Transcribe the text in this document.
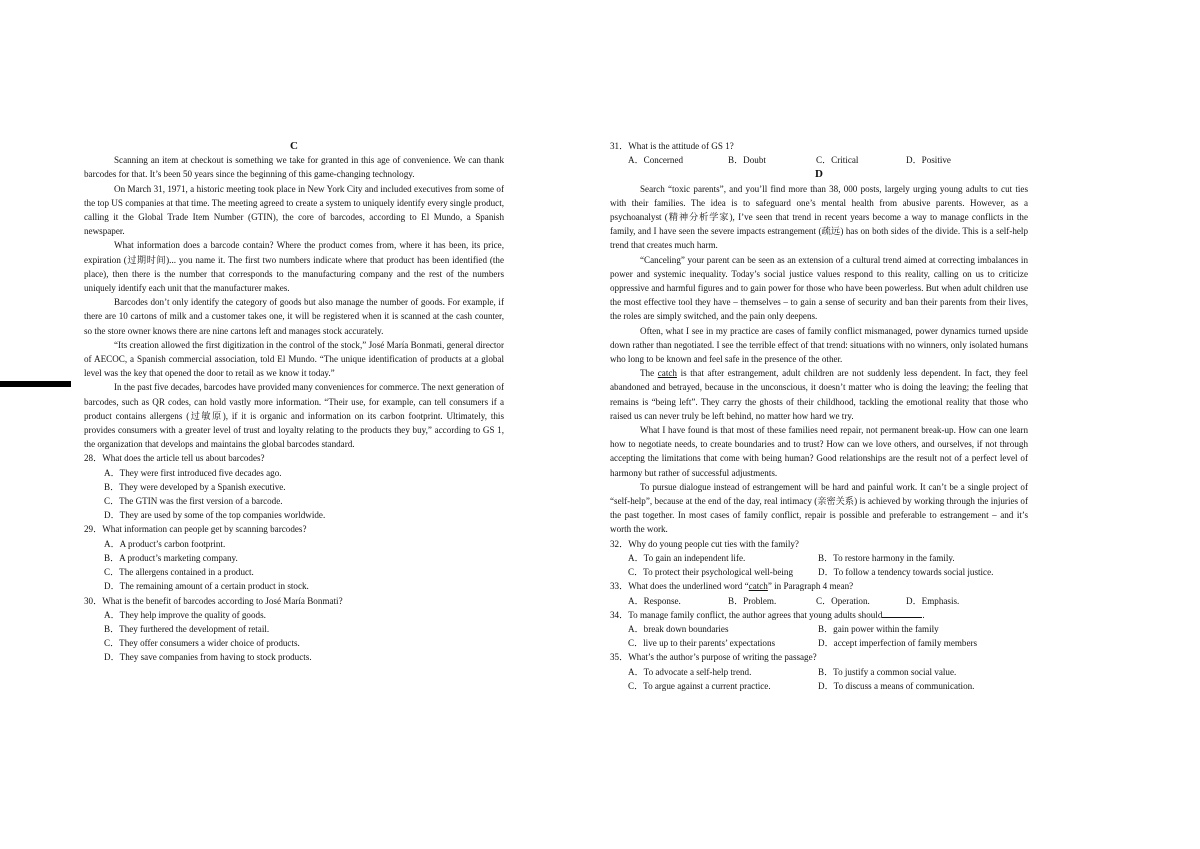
C

Scanning an item at checkout is something we take for granted in this age of convenience. We can thank barcodes for that. It’s been 50 years since the beginning of this game-changing technology.

On March 31, 1971, a historic meeting took place in New York City and included executives from some of the top US companies at that time. The meeting agreed to create a system to uniquely identify every single product, calling it the Global Trade Item Number (GTIN), the core of barcodes, according to El Mundo, a Spanish newspaper.

What information does a barcode contain? Where the product comes from, where it has been, its price, expiration (过期时间)... you name it. The first two numbers indicate where that product has been identified (the place), then there is the number that corresponds to the manufacturing company and the rest of the numbers uniquely identify each unit that the manufacturer makes.

Barcodes don’t only identify the category of goods but also manage the number of goods. For example, if there are 10 cartons of milk and a customer takes one, it will be registered when it is scanned at the cash counter, so the store owner knows there are nine cartons left and manages stock accurately.

“Its creation allowed the first digitization in the control of the stock,” José María Bonmati, general director of AECOC, a Spanish commercial association, told El Mundo. “The unique identification of products at a global level was the key that opened the door to retail as we know it today.”

In the past five decades, barcodes have provided many conveniences for commerce. The next generation of barcodes, such as QR codes, can hold vastly more information. “Their use, for example, can tell consumers if a product contains allergens (过敏原), if it is organic and information on its carbon footprint. Ultimately, this provides consumers with a greater level of trust and loyalty relating to the products they buy,” according to GS 1, the organization that develops and maintains the global barcodes standard.

28．What does the article tell us about barcodes?

A．They were first introduced five decades ago.

B．They were developed by a Spanish executive.

C．The GTIN was the first version of a barcode.

D．They are used by some of the top companies worldwide.

29．What information can people get by scanning barcodes?

A．A product’s carbon footprint.

B．A product’s marketing company.

C．The allergens contained in a product.

D．The remaining amount of a certain product in stock.

30．What is the benefit of barcodes according to José María Bonmati?

A．They help improve the quality of goods.

B．They furthered the development of retail.

C．They offer consumers a wider choice of products.

D．They save companies from having to stock products.

31．What is the attitude of GS 1?

A．Concerned	B．Doubt	C．Critical	D．Positive

D

Search “toxic parents”, and you’ll find more than 38, 000 posts, largely urging young adults to cut ties with their families. The idea is to safeguard one’s mental health from abusive parents. However, as a psychoanalyst (精神分析学家), I’ve seen that trend in recent years become a way to manage conflicts in the family, and I have seen the severe impacts estrangement (疏远) has on both sides of the divide. This is a self-help trend that creates much harm.

“Canceling” your parent can be seen as an extension of a cultural trend aimed at correcting imbalances in power and systemic inequality. Today’s social justice values respond to this reality, calling on us to criticize oppressive and harmful figures and to gain power for those who have been powerless. But when adult children use the most effective tool they have – themselves – to gain a sense of security and ban their parents from their lives, the roles are simply switched, and the pain only deepens.

Often, what I see in my practice are cases of family conflict mismanaged, power dynamics turned upside down rather than negotiated. I see the terrible effect of that trend: situations with no winners, only isolated humans who long to be known and feel safe in the presence of the other.

The catch is that after estrangement, adult children are not suddenly less dependent. In fact, they feel abandoned and betrayed, because in the unconscious, it doesn’t matter who is doing the leaving; the feeling that remains is “being left”. They carry the ghosts of their childhood, tackling the emotional reality that those who raised us can never truly be left behind, no matter how hard we try.

What I have found is that most of these families need repair, not permanent break-up. How can one learn how to negotiate needs, to create boundaries and to trust? How can we love others, and ourselves, if not through accepting the limitations that come with being human? Good relationships are the result not of a perfect level of harmony but rather of successful adjustments.

To pursue dialogue instead of estrangement will be hard and painful work. It can’t be a single project of “self-help”, because at the end of the day, real intimacy (亲密关系) is achieved by working through the injuries of the past together. In most cases of family conflict, repair is possible and preferable to estrangement – and it’s worth the work.

32．Why do young people cut ties with the family?

A．To gain an independent life.	B．To restore harmony in the family.

C．To protect their psychological well-being	D．To follow a tendency towards social justice.

33．What does the underlined word “catch” in Paragraph 4 mean?

A．Response.	B．Problem.	C．Operation.	D．Emphasis.

34．To manage family conflict, the author agrees that young adults should	.

A．break down boundaries	B．gain power within the family

C．live up to their parents’ expectations	D．accept imperfection of family members

35．What’s the author’s purpose of writing the passage?

A．To advocate a self-help trend.	B．To justify a common social value.

C．To argue against a current practice.	D．To discuss a means of communication.
